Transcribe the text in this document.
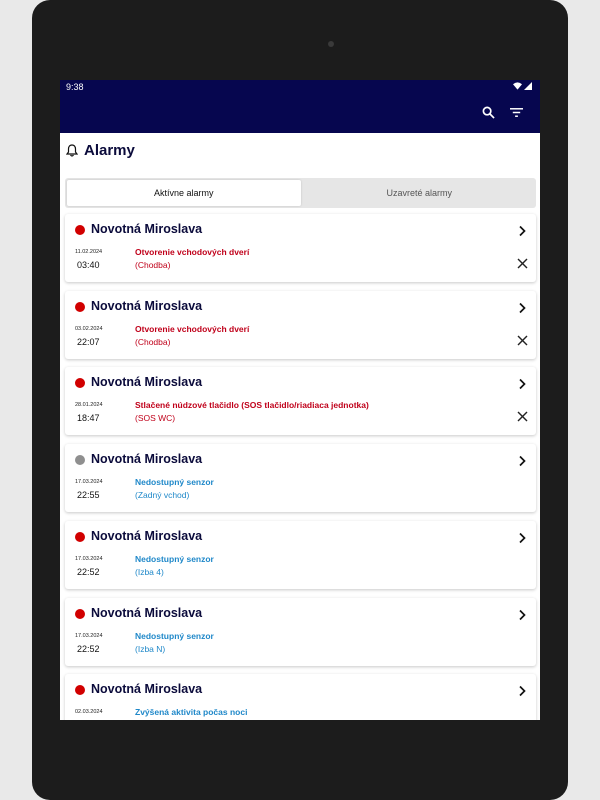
9:38
Alarmy
Aktívne alarmy	Uzavreté alarmy
Novotná Miroslava
11.02.2024
03:40
Otvorenie vchodových dverí
(Chodba)
Novotná Miroslava
03.02.2024
22:07
Otvorenie vchodových dverí
(Chodba)
Novotná Miroslava
28.01.2024
18:47
Stlačené núdzové tlačidlo (SOS tlačidlo/riadiaca jednotka)
(SOS WC)
Novotná Miroslava
17.03.2024
22:55
Nedostupný senzor
(Zadný vchod)
Novotná Miroslava
17.03.2024
22:52
Nedostupný senzor
(Izba 4)
Novotná Miroslava
17.03.2024
22:52
Nedostupný senzor
(Izba N)
Novotná Miroslava
02.03.2024	Zvýšená aktivita počas noci
